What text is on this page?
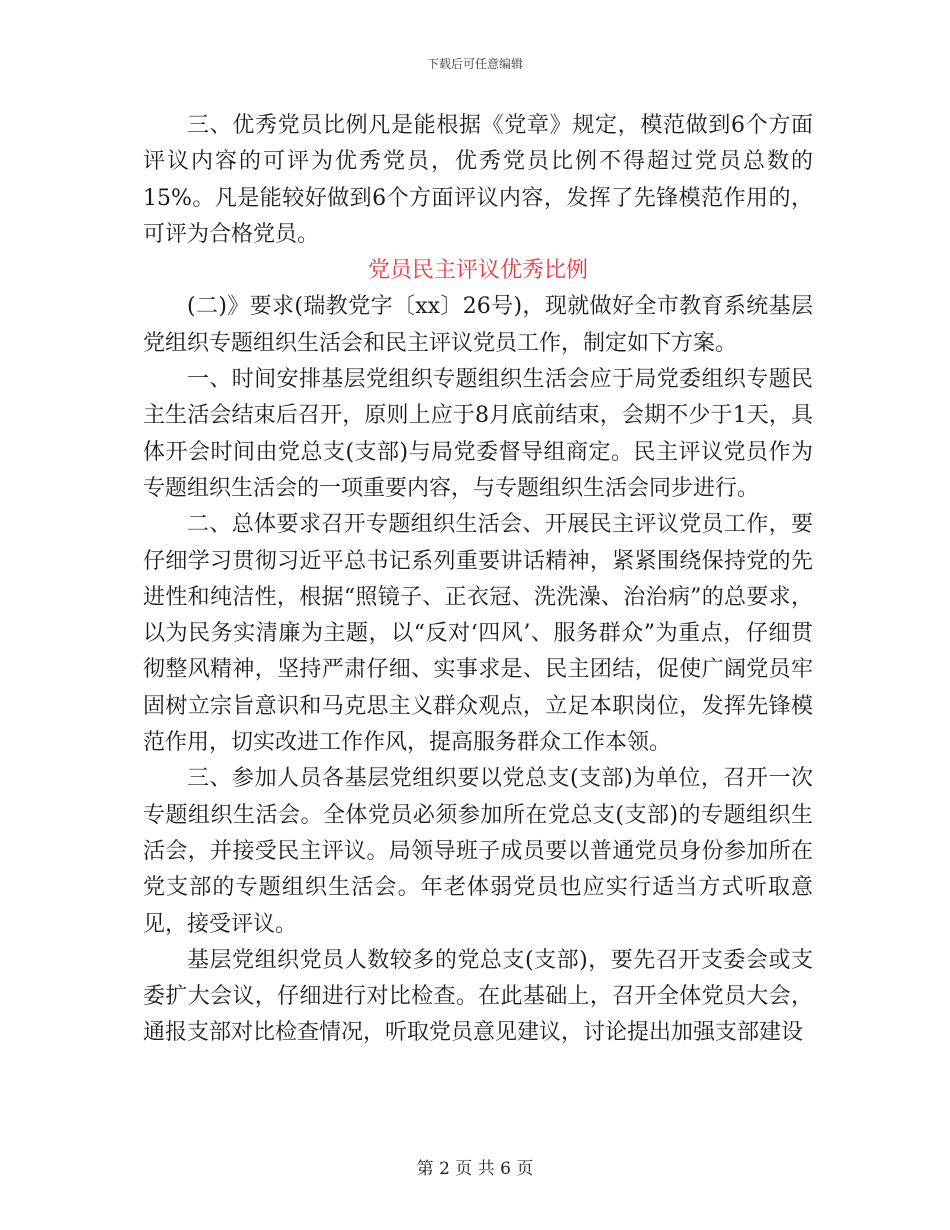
下载后可任意编辑

三、优秀党员比例凡是能根据《党章》规定，模范做到6个方面评议内容的可评为优秀党员，优秀党员比例不得超过党员总数的15%。凡是能较好做到6个方面评议内容，发挥了先锋模范作用的，可评为合格党员。

党员民主评议优秀比例

(二)》要求(瑞教党字〔xx〕26号)，现就做好全市教育系统基层党组织专题组织生活会和民主评议党员工作，制定如下方案。

一、时间安排基层党组织专题组织生活会应于局党委组织专题民主生活会结束后召开，原则上应于8月底前结束，会期不少于1天，具体开会时间由党总支(支部)与局党委督导组商定。民主评议党员作为专题组织生活会的一项重要内容，与专题组织生活会同步进行。

二、总体要求召开专题组织生活会、开展民主评议党员工作，要仔细学习贯彻习近平总书记系列重要讲话精神，紧紧围绕保持党的先进性和纯洁性，根据“照镜子、正衣冠、洗洗澡、治治病”的总要求，以为民务实清廉为主题，以“反对‘四风’、服务群众”为重点，仔细贯彻整风精神，坚持严肃仔细、实事求是、民主团结，促使广阔党员牢固树立宗旨意识和马克思主义群众观点，立足本职岗位，发挥先锋模范作用，切实改进工作作风，提高服务群众工作本领。

三、参加人员各基层党组织要以党总支(支部)为单位，召开一次专题组织生活会。全体党员必须参加所在党总支(支部)的专题组织生活会，并接受民主评议。局领导班子成员要以普通党员身份参加所在党支部的专题组织生活会。年老体弱党员也应实行适当方式听取意见，接受评议。

基层党组织党员人数较多的党总支(支部)，要先召开支委会或支委扩大会议，仔细进行对比检查。在此基础上，召开全体党员大会，通报支部对比检查情况，听取党员意见建议，讨论提出加强支部建设

第 2 页 共 6 页
